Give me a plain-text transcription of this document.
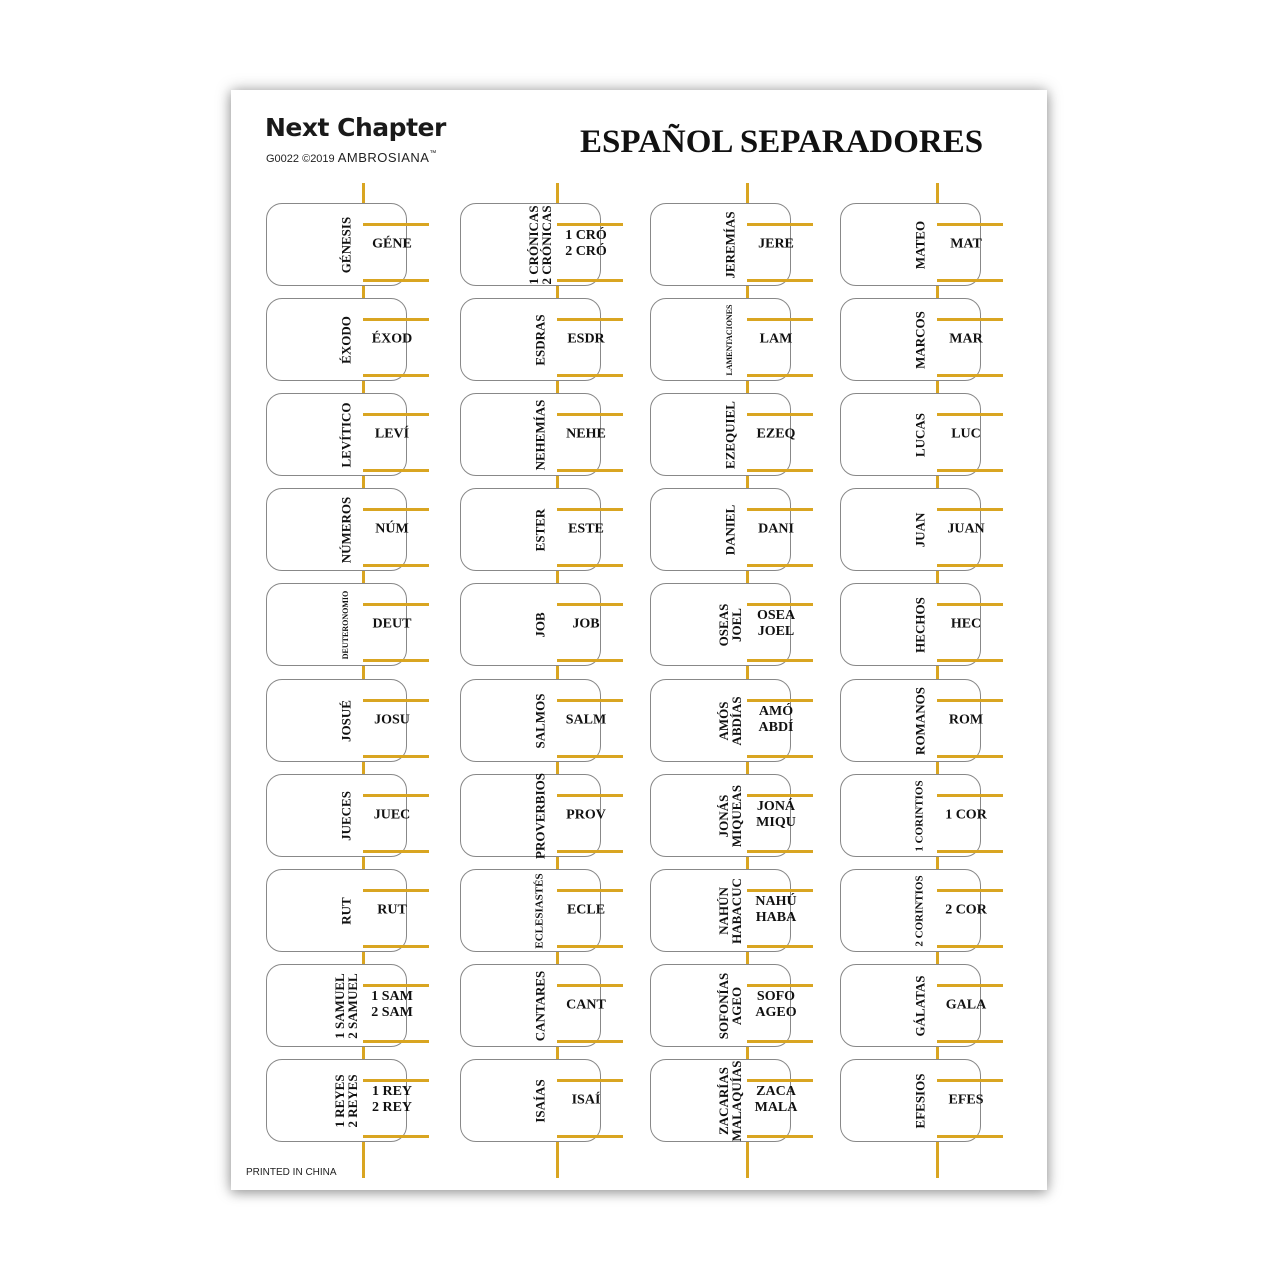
Next Chapter
G0022 ©2019 AMBROSIANA™	ESPAÑOL SEPARADORES
GÉNESIS GÉNE
ÉXODO ÉXOD
LEVÍTICO LEVÍ
NÚMEROS NÚM
DEUTERONOMIO DEUT
JOSUÉ JOSU
JUECES JUEC
RUT RUT
1 SAMUEL
2 SAMUEL 1 SAM
2 SAM
1 REYES
2 REYES 1 REY
2 REY
1 CRÓNICAS
2 CRÓNICAS 1 CRÓ
2 CRÓ
ESDRAS ESDR
NEHEMÍAS NEHE
ESTER ESTE
JOB JOB
SALMOS SALM
PROVERBIOS PROV
ECLESIASTÉS ECLE
CANTARES CANT
ISAÍAS ISAÍ
JEREMÍAS JERE
LAMENTACIONES LAM
EZEQUIEL EZEQ
DANIEL DANI
OSEAS
JOEL OSEA
JOEL
AMÓS
ABDÍAS AMÓ
ABDÍ
JONÁS
MIQUEAS JONÁ
MIQU
NAHÚN
HABACUC NAHÚ
HABA
SOFONÍAS
AGEO SOFO
AGEO
ZACARÍAS
MALAQUÍAS ZACA
MALA
MATEO MAT
MARCOS MAR
LUCAS LUC
JUAN JUAN
HECHOS HEC
ROMANOS ROM
1 CORINTIOS 1 COR
2 CORINTIOS 2 COR
GÁLATAS GALA
EFESIOS EFES
PRINTED IN CHINA
